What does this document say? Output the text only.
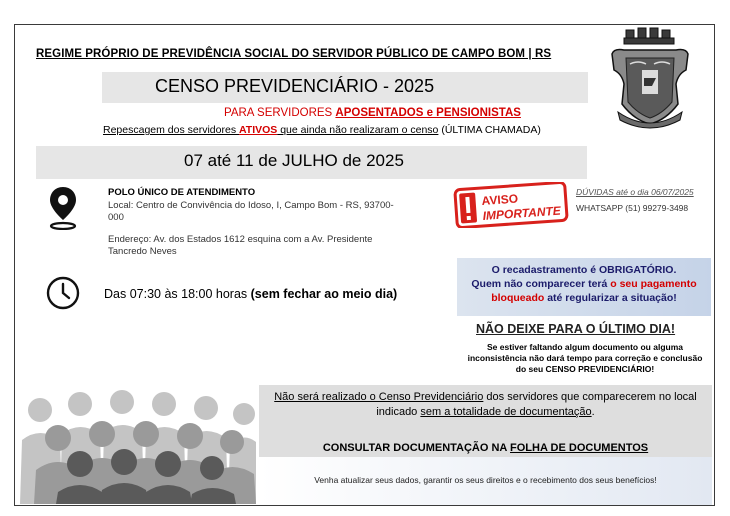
REGIME PRÓPRIO DE PREVIDÊNCIA SOCIAL DO SERVIDOR PÚBLICO DE CAMPO BOM | RS
CENSO PREVIDENCIÁRIO - 2025
PARA SERVIDORES APOSENTADOS e PENSIONISTAS
Repescagem dos servidores ATIVOS que ainda não realizaram o censo (ÚLTIMA CHAMADA)
07 até 11 de JULHO de 2025
POLO ÚNICO DE ATENDIMENTO
Local: Centro de Convivência do Idoso, I, Campo Bom - RS, 93700-000
Endereço: Av. dos Estados 1612 esquina com a Av. Presidente Tancredo Neves
Das 07:30 às 18:00 horas (sem fechar ao meio dia)
AVISO
IMPORTANTE
DÚVIDAS até o dia 06/07/2025
WHATSAPP (51) 99279-3498
O recadastramento é OBRIGATÓRIO.
Quem não comparecer terá o seu pagamento
bloqueado até regularizar a situação!
NÃO DEIXE PARA O ÚLTIMO DIA!
Se estiver faltando algum documento ou alguma inconsistência não dará tempo para correção e conclusão do seu CENSO PREVIDENCIÁRIO!
Não será realizado o Censo Previdenciário dos servidores que comparecerem no local indicado sem a totalidade de documentação.
CONSULTAR DOCUMENTAÇÃO NA FOLHA DE DOCUMENTOS
Venha atualizar seus dados, garantir os seus direitos e o recebimento dos seus benefícios!
